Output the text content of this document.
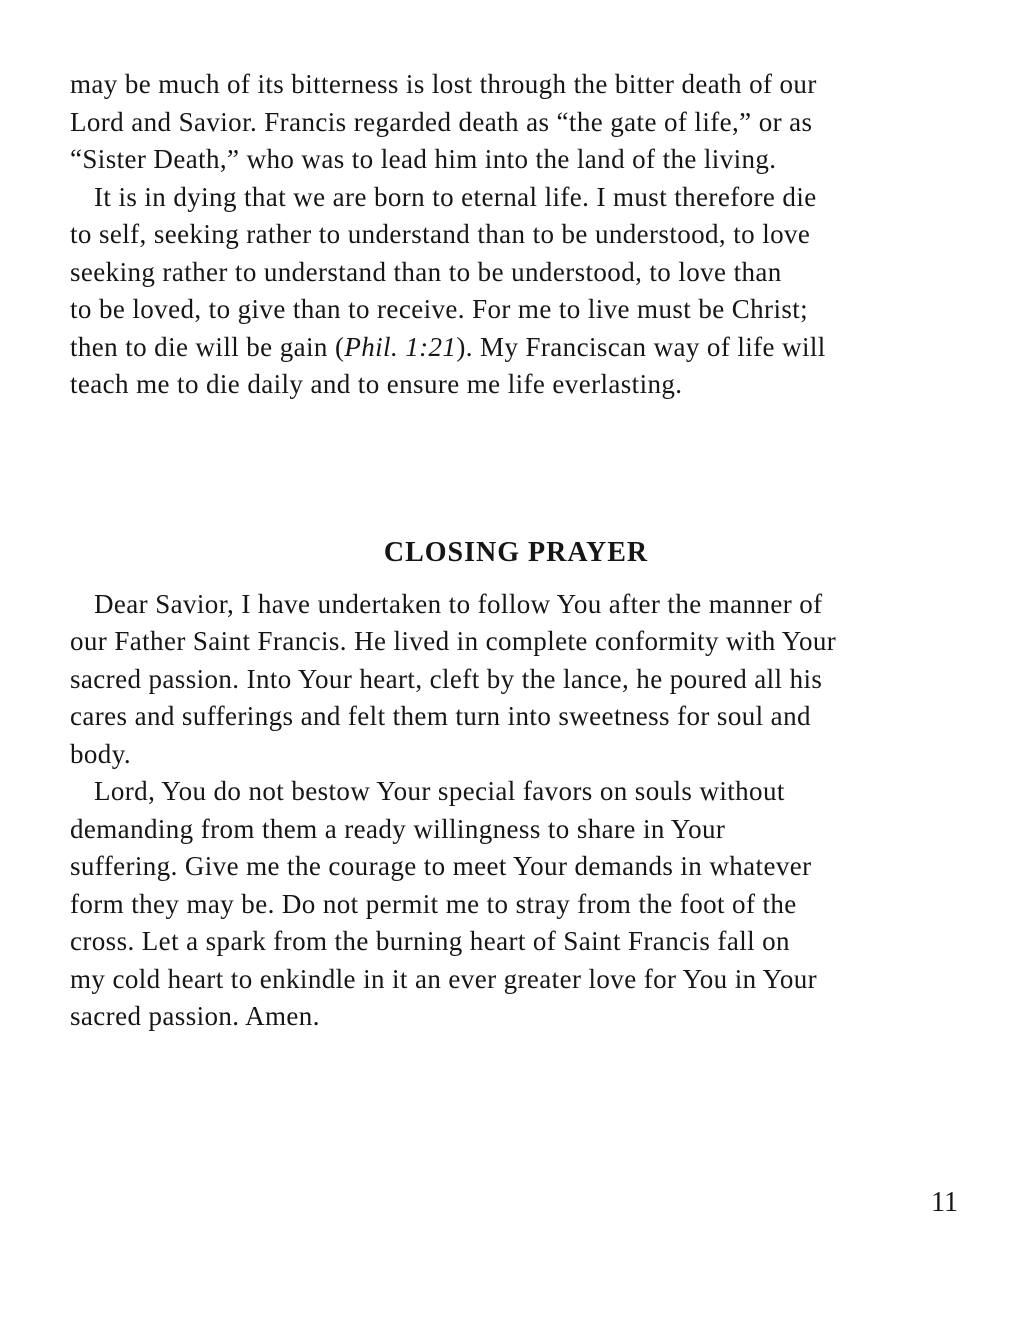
may be much of its bitterness is lost through the bitter death of our
Lord and Savior. Francis regarded death as “the gate of life,” or as
“Sister Death,” who was to lead him into the land of the living.
It is in dying that we are born to eternal life. I must therefore die
to self, seeking rather to understand than to be understood, to love
seeking rather to understand than to be understood, to love than
to be loved, to give than to receive. For me to live must be Christ;
then to die will be gain (Phil. 1:21). My Franciscan way of life will
teach me to die daily and to ensure me life everlasting.
CLOSING PRAYER
Dear Savior, I have undertaken to follow You after the manner of
our Father Saint Francis. He lived in complete conformity with Your
sacred passion. Into Your heart, cleft by the lance, he poured all his
cares and sufferings and felt them turn into sweetness for soul and
body.
Lord, You do not bestow Your special favors on souls without
demanding from them a ready willingness to share in Your
suffering. Give me the courage to meet Your demands in whatever
form they may be. Do not permit me to stray from the foot of the
cross. Let a spark from the burning heart of Saint Francis fall on
my cold heart to enkindle in it an ever greater love for You in Your
sacred passion. Amen.
11
